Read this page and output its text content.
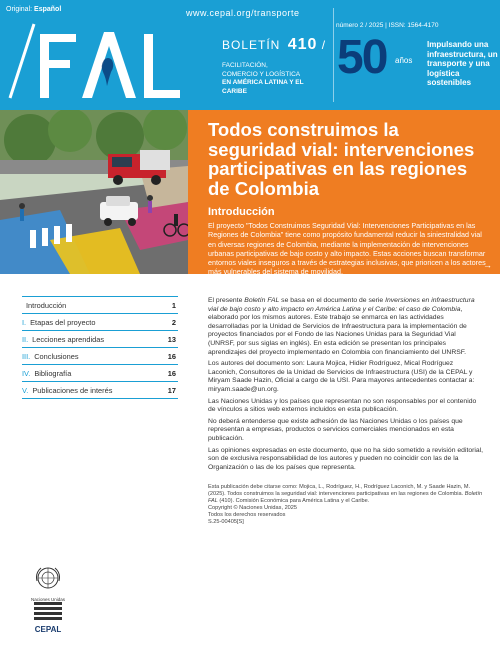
Original: Español	www.cepal.org/transporte
BOLETÍN 410 /
FACILITACIÓN,
COMERCIO Y LOGÍSTICA
EN AMÉRICA LATINA Y EL CARIBE
número 2 / 2025 | ISSN: 1564-4170
50 años
Impulsando una infraestructura, un transporte y una logística sostenibles
Todos construimos la seguridad vial: intervenciones participativas en las regiones de Colombia
Introducción

El proyecto "Todos Construimos Seguridad Vial: Intervenciones Participativas en las Regiones de Colombia" tiene como propósito fundamental reducir la siniestralidad vial en diversas regiones de Colombia, mediante la implementación de intervenciones urbanas participativas de bajo costo y alto impacto. Estas acciones buscan transformar entornos viales inseguros a través de estrategias inclusivas, que prioricen a los actores más vulnerables del sistema de movilidad,

→
Introducción	1
I. Etapas del proyecto	2
II. Lecciones aprendidas	13
III. Conclusiones	16
IV. Bibliografía	16
V. Publicaciones de interés	17

El presente Boletín FAL se basa en el documento de serie Inversiones en infraestructura vial de bajo costo y alto impacto en América Latina y el Caribe: el caso de Colombia, elaborado por los mismos autores. Este trabajo se enmarca en las actividades desarrolladas por la Unidad de Servicios de Infraestructura para la implementación de proyectos financiados por el Fondo de las Naciones Unidas para la Seguridad Vial (UNRSF, por sus siglas en inglés). En esta edición se presentan los principales aprendizajes del proyecto implementado en Colombia con financiamiento del UNRSF.

Los autores del documento son: Laura Mojica, Hidier Rodríguez, Mical Rodríguez Laconich, Consultores de la Unidad de Servicios de Infraestructura (USI) de la CEPAL y Miryam Saade Hazin, Oficial a cargo de la USI. Para mayores antecedentes contactar a: miryam.saade@un.org.

Las Naciones Unidas y los países que representan no son responsables por el contenido de vínculos a sitios web externos incluidos en esta publicación.

No deberá entenderse que existe adhesión de las Naciones Unidas o los países que representan a empresas, productos o servicios comerciales mencionados en esta publicación.

Las opiniones expresadas en este documento, que no ha sido sometido a revisión editorial, son de exclusiva responsabilidad de los autores y pueden no coincidir con las de la Organización o las de los países que representa.

Esta publicación debe citarse como: Mojica, L., Rodríguez, H., Rodríguez Laconich, M. y Saade Hazin, M. (2025). Todos construimos la seguridad vial: intervenciones participativas en las regiones de Colombia. Boletín FAL (410). Comisión Económica para América Latina y el Caribe.

Copyright © Naciones Unidas, 2025

Todos los derechos reservados

S.25-00405[S]

Naciones Unidas
CEPAL
